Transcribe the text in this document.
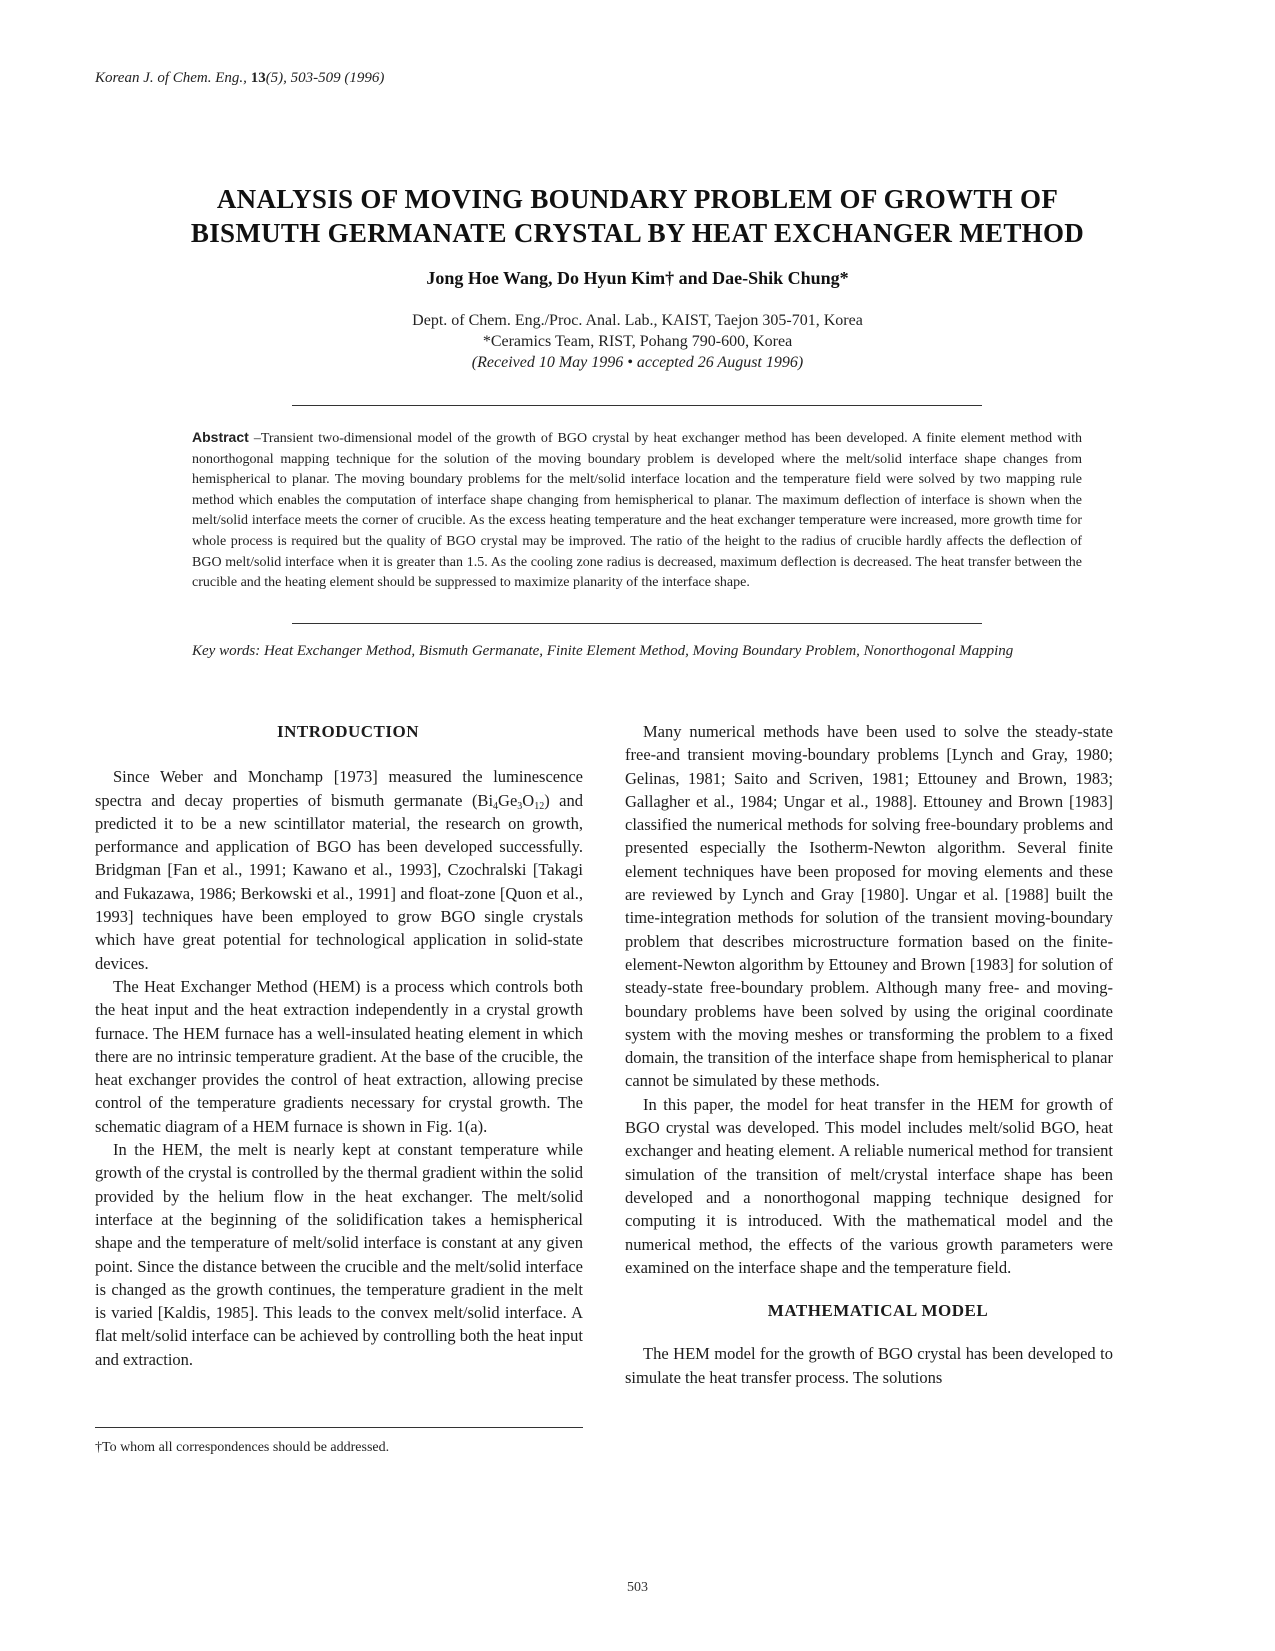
Korean J. of Chem. Eng., 13(5), 503-509 (1996)
ANALYSIS OF MOVING BOUNDARY PROBLEM OF GROWTH OF
BISMUTH GERMANATE CRYSTAL BY HEAT EXCHANGER METHOD
Jong Hoe Wang, Do Hyun Kim† and Dae-Shik Chung*
Dept. of Chem. Eng./Proc. Anal. Lab., KAIST, Taejon 305-701, Korea
*Ceramics Team, RIST, Pohang 790-600, Korea
(Received 10 May 1996 • accepted 26 August 1996)
Abstract –Transient two-dimensional model of the growth of BGO crystal by heat exchanger method has been developed. A finite element method with nonorthogonal mapping technique for the solution of the moving boundary problem is developed where the melt/solid interface shape changes from hemispherical to planar. The moving boundary problems for the melt/solid interface location and the temperature field were solved by two mapping rule method which enables the computation of interface shape changing from hemispherical to planar. The maximum deflection of interface is shown when the melt/solid interface meets the corner of crucible. As the excess heating temperature and the heat exchanger temperature were increased, more growth time for whole process is required but the quality of BGO crystal may be improved. The ratio of the height to the radius of crucible hardly affects the deflection of BGO melt/solid interface when it is greater than 1.5. As the cooling zone radius is decreased, maximum deflection is decreased. The heat transfer between the crucible and the heating element should be suppressed to maximize planarity of the interface shape.
Key words: Heat Exchanger Method, Bismuth Germanate, Finite Element Method, Moving Boundary Problem, Nonorthogonal Mapping

INTRODUCTION

Since Weber and Monchamp [1973] measured the luminescence spectra and decay properties of bismuth germanate $(Bi_4Ge_3O_{12})$ and predicted it to be a new scintillator material, the research on growth, performance and application of BGO has been developed successfully. Bridgman [Fan et al., 1991; Kawano et al., 1993], Czochralski [Takagi and Fukazawa, 1986; Berkowski et al., 1991] and float-zone [Quon et al., 1993] techniques have been employed to grow BGO single crystals which have great potential for technological application in solid-state devices.

The Heat Exchanger Method (HEM) is a process which controls both the heat input and the heat extraction independently in a crystal growth furnace. The HEM furnace has a well-insulated heating element in which there are no intrinsic temperature gradient. At the base of the crucible, the heat exchanger provides the control of heat extraction, allowing precise control of the temperature gradients necessary for crystal growth. The schematic diagram of a HEM furnace is shown in Fig. 1(a).

In the HEM, the melt is nearly kept at constant temperature while growth of the crystal is controlled by the thermal gradient within the solid provided by the helium flow in the heat exchanger. The melt/solid interface at the beginning of the solidification takes a hemispherical shape and the temperature of melt/solid interface is constant at any given point. Since the distance between the crucible and the melt/solid interface is changed as the growth continues, the temperature gradient in the melt is varied [Kaldis, 1985]. This leads to the convex melt/solid interface. A flat melt/solid interface can be achieved by controlling both the heat input and extraction.

†To whom all correspondences should be addressed.

Many numerical methods have been used to solve the steady-state free-and transient moving-boundary problems [Lynch and Gray, 1980; Gelinas, 1981; Saito and Scriven, 1981; Ettouney and Brown, 1983; Gallagher et al., 1984; Ungar et al., 1988]. Ettouney and Brown [1983] classified the numerical methods for solving free-boundary problems and presented especially the Isotherm-Newton algorithm. Several finite element techniques have been proposed for moving elements and these are reviewed by Lynch and Gray [1980]. Ungar et al. [1988] built the time-integration methods for solution of the transient moving-boundary problem that describes microstructure formation based on the finite-element-Newton algorithm by Ettouney and Brown [1983] for solution of steady-state free-boundary problem. Although many free- and moving-boundary problems have been solved by using the original coordinate system with the moving meshes or transforming the problem to a fixed domain, the transition of the interface shape from hemispherical to planar cannot be simulated by these methods.

In this paper, the model for heat transfer in the HEM for growth of BGO crystal was developed. This model includes melt/solid BGO, heat exchanger and heating element. A reliable numerical method for transient simulation of the transition of melt/crystal interface shape has been developed and a nonorthogonal mapping technique designed for computing it is introduced. With the mathematical model and the numerical method, the effects of the various growth parameters were examined on the interface shape and the temperature field.

MATHEMATICAL MODEL

The HEM model for the growth of BGO crystal has been developed to simulate the heat transfer process. The solutions

503
